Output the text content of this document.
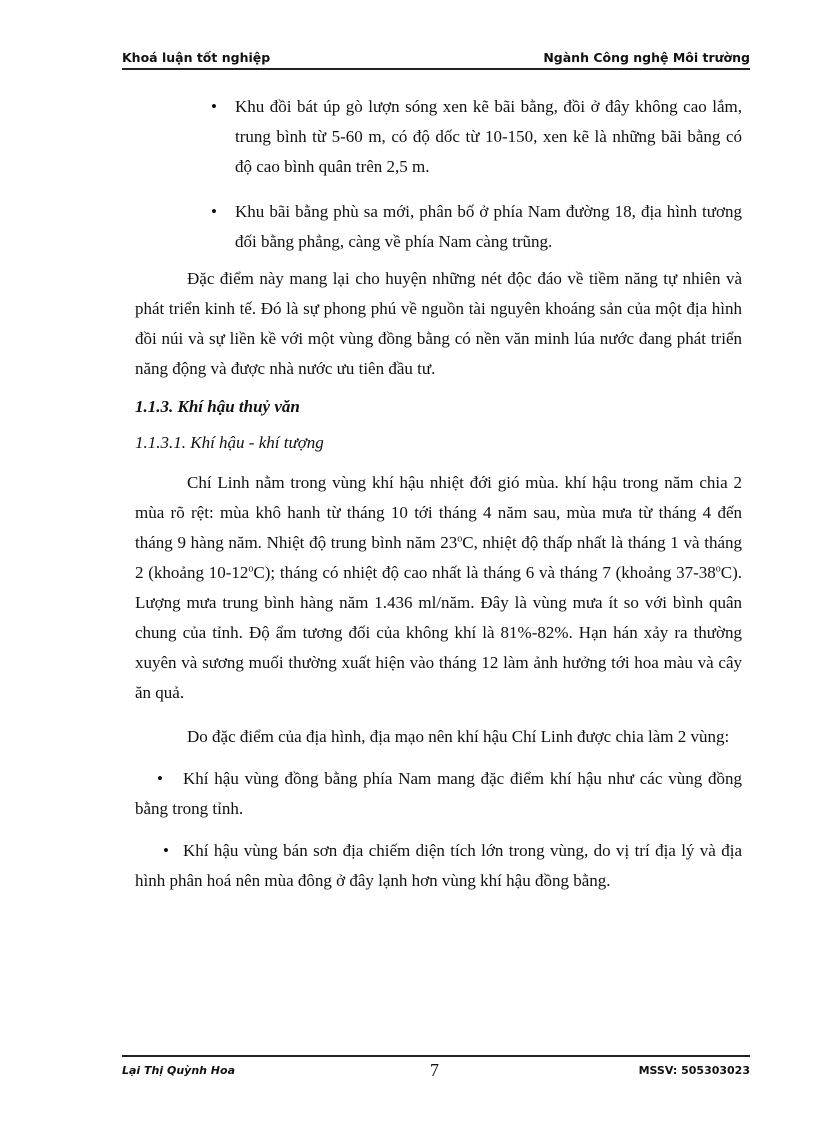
Khoá luận tốt nghiệp	Ngành Công nghệ Môi trường
• Khu đồi bát úp gò lượn sóng xen kẽ bãi bằng, đồi ở đây không cao lắm, trung bình từ 5-60 m, có độ dốc từ 10-150, xen kẽ là những bãi bằng có độ cao bình quân trên 2,5 m.
• Khu bãi bằng phù sa mới, phân bố ở phía Nam đường 18, địa hình tương đối bằng phẳng, càng về phía Nam càng trũng.

Đặc điểm này mang lại cho huyện những nét độc đáo về tiềm năng tự nhiên và phát triển kinh tế. Đó là sự phong phú về nguồn tài nguyên khoáng sản của một địa hình đồi núi và sự liền kề với một vùng đồng bằng có nền văn minh lúa nước đang phát triển năng động và được nhà nước ưu tiên đầu tư.

1.1.3. Khí hậu thuỷ văn

1.1.3.1. Khí hậu - khí tượng

Chí Linh nằm trong vùng khí hậu nhiệt đới gió mùa. khí hậu trong năm chia 2 mùa rõ rệt: mùa khô hanh từ tháng 10 tới tháng 4 năm sau, mùa mưa từ tháng 4 đến tháng 9 hàng năm. Nhiệt độ trung bình năm 23$^o$C, nhiệt độ thấp nhất là tháng 1 và tháng 2 (khoảng 10-12$^o$C); tháng có nhiệt độ cao nhất là tháng 6 và tháng 7 (khoảng 37-38$^o$C). Lượng mưa trung bình hàng năm 1.436 ml/năm. Đây là vùng mưa ít so với bình quân chung của tỉnh. Độ ẩm tương đối của không khí là 81%-82%. Hạn hán xảy ra thường xuyên và sương muối thường xuất hiện vào tháng 12 làm ảnh hưởng tới hoa màu và cây ăn quả.

Do đặc điểm của địa hình, địa mạo nên khí hậu Chí Linh được chia làm 2 vùng:

• Khí hậu vùng đồng bằng phía Nam mang đặc điểm khí hậu như các vùng đồng bằng trong tỉnh.
• Khí hậu vùng bán sơn địa chiếm diện tích lớn trong vùng, do vị trí địa lý và địa hình phân hoá nên mùa đông ở đây lạnh hơn vùng khí hậu đồng bằng.
Lại Thị Quỳnh Hoa	7	MSSV: 505303023
